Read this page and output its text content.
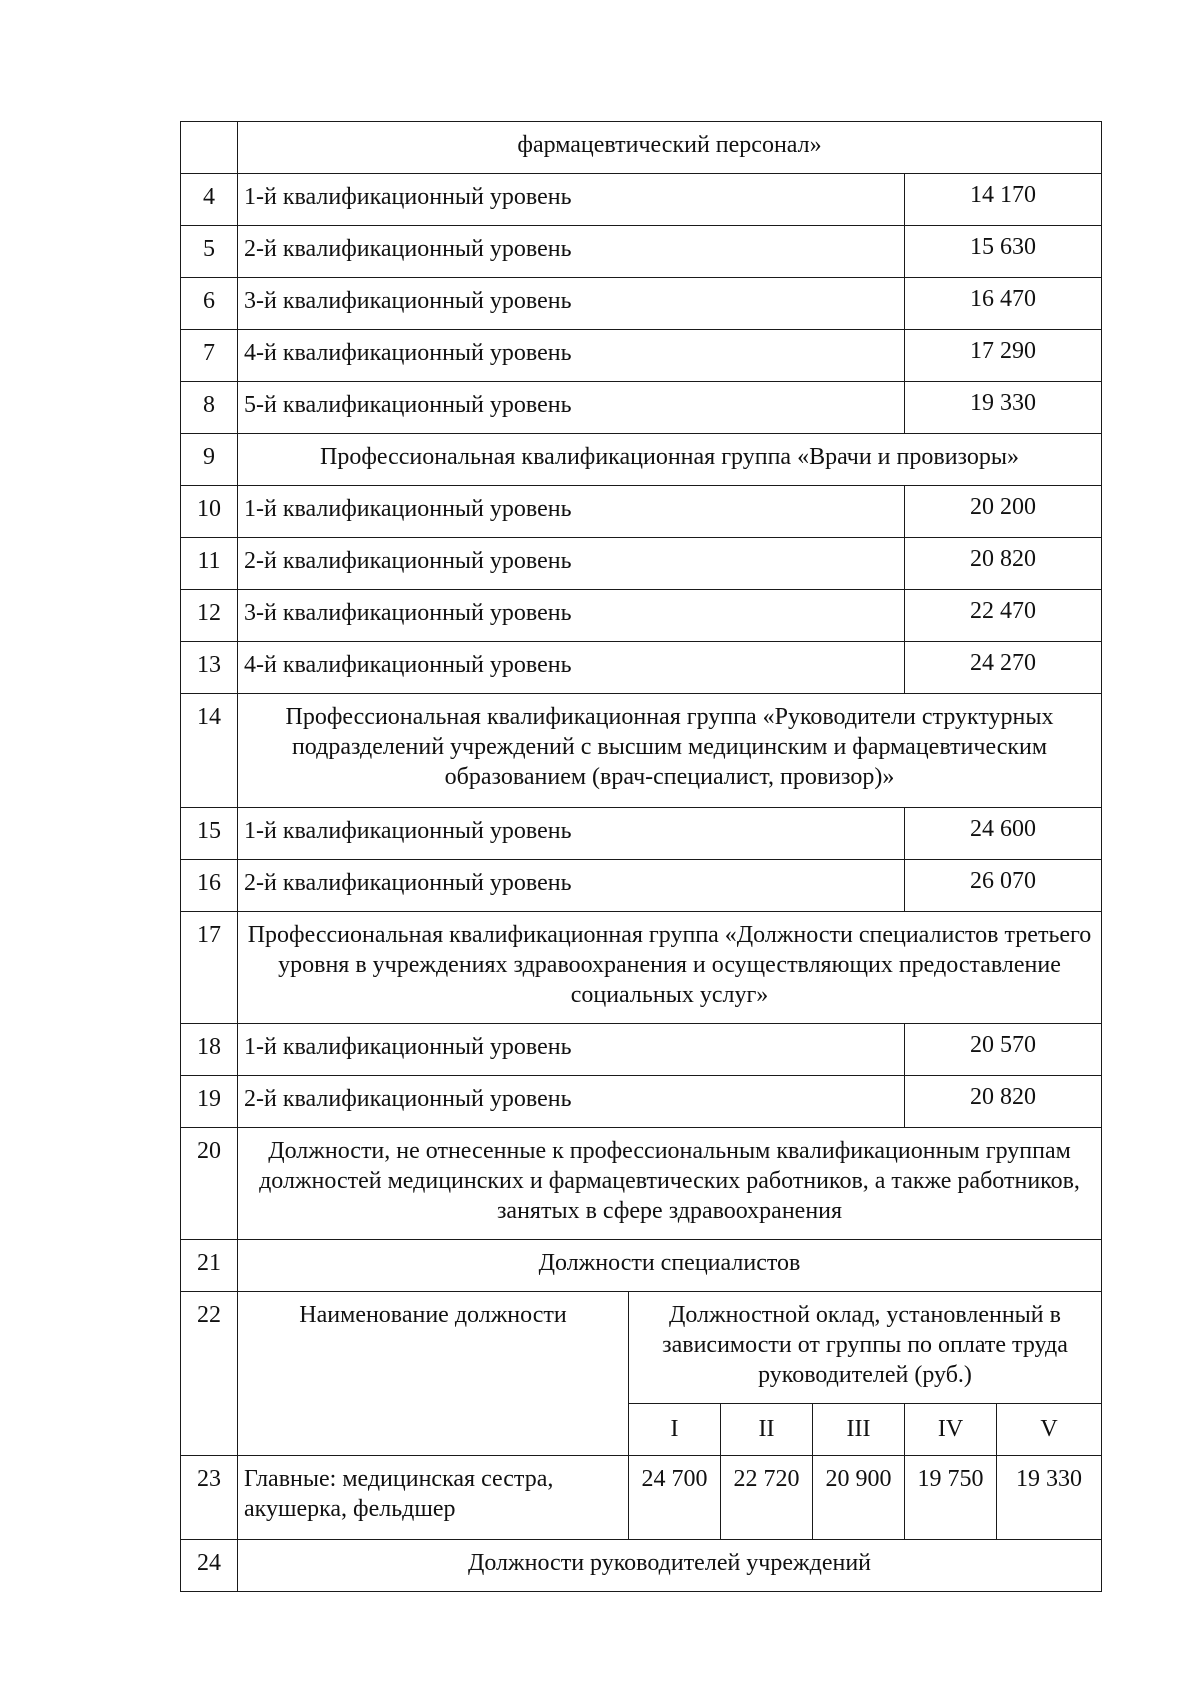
	фармацевтический персонал»					
4	1-й квалификационный уровень				14 170	
5	2-й квалификационный уровень				15 630	
6	3-й квалификационный уровень				16 470	
7	4-й квалификационный уровень				17 290	
8	5-й квалификационный уровень				19 330	
9	Профессиональная квалификационная группа «Врачи и провизоры»					
10	1-й квалификационный уровень				20 200	
11	2-й квалификационный уровень				20 820	
12	3-й квалификационный уровень				22 470	
13	4-й квалификационный уровень				24 270	
14	Профессиональная квалификационная группа «Руководители структурных подразделений учреждений с высшим медицинским и фармацевтическим образованием (врач-специалист, провизор)»					
15	1-й квалификационный уровень				24 600	
16	2-й квалификационный уровень				26 070	
17	Профессиональная квалификационная группа «Должности специалистов третьего уровня в учреждениях здравоохранения и осуществляющих предоставление социальных услуг»					
18	1-й квалификационный уровень				20 570	
19	2-й квалификационный уровень				20 820	
20	Должности, не отнесенные к профессиональным квалификационным группам должностей медицинских и фармацевтических работников, а также работников, занятых в сфере здравоохранения					
21	Должности специалистов					
22	Наименование должности	Должностной оклад, установленный в зависимости от группы по оплате труда руководителей (руб.)				
		I	II	III	IV	V
23	Главные: медицинская сестра, акушерка, фельдшер	24 700	22 720	20 900	19 750	19 330
24	Должности руководителей учреждений					
